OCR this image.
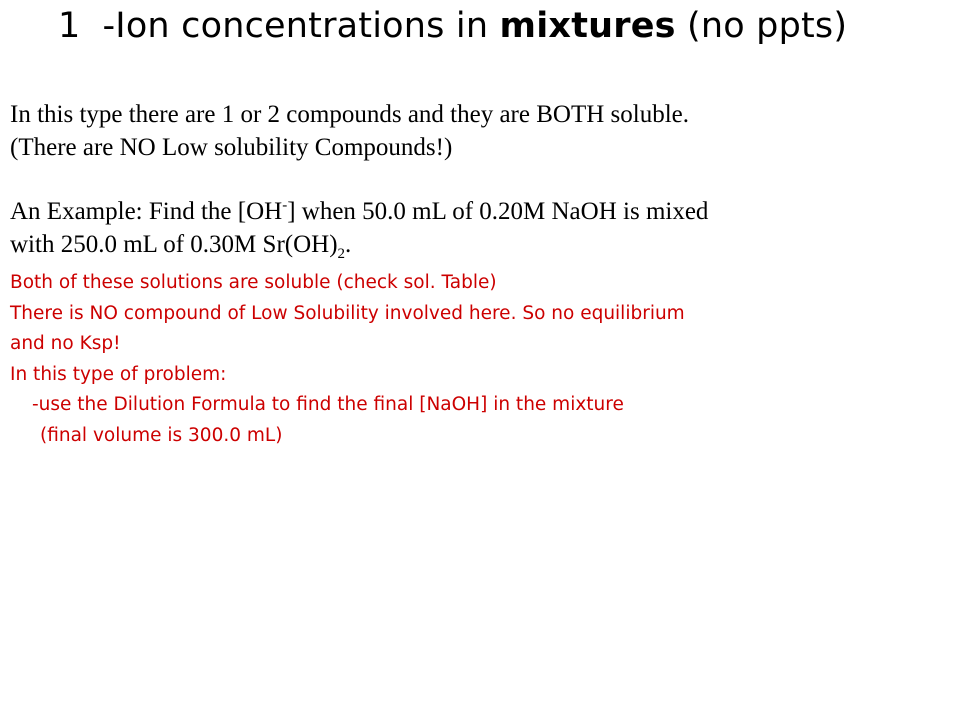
1 -Ion concentrations in mixtures (no ppts)
In this type there are 1 or 2 compounds and they are BOTH soluble.
(There are NO Low solubility Compounds!)
An Example: Find the [OH-] when 50.0 mL of 0.20M NaOH is mixed
with 250.0 mL of 0.30M $Sr(OH)_2$.
Both of these solutions are soluble (check sol. Table)
There is NO compound of Low Solubility involved here. So no equilibrium
and no Ksp!
In this type of problem:
-use the Dilution Formula to find the final [NaOH] in the mixture
(final volume is 300.0 mL)
